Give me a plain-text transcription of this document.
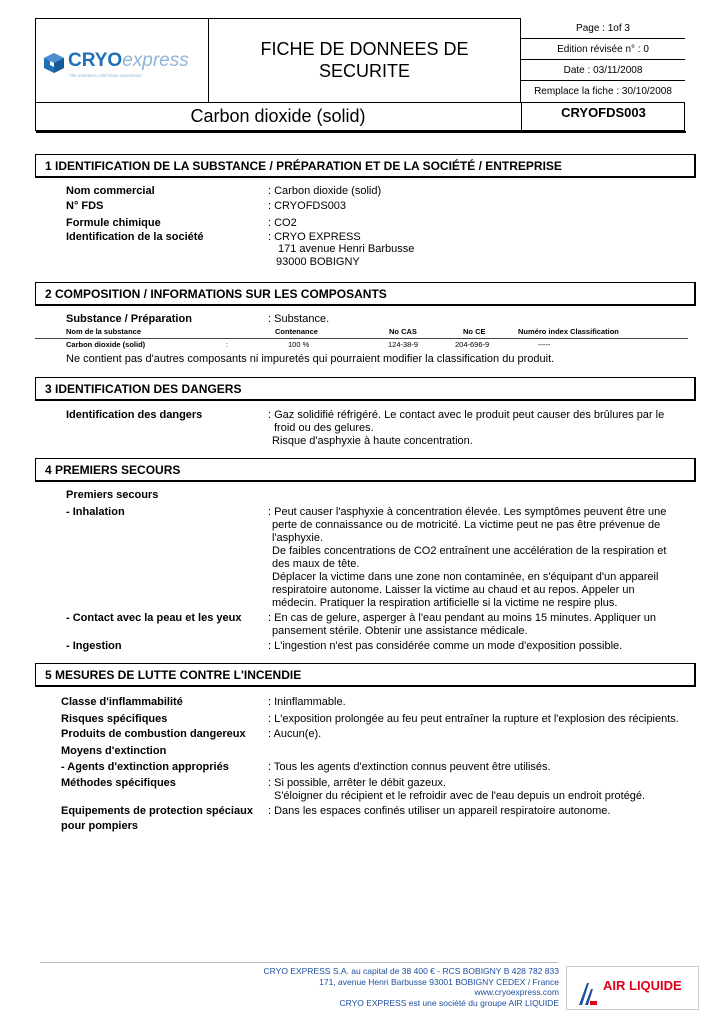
CRYOexpress
The seamless cold chain experience
FICHE DE DONNEES DE SECURITE
Page : 1of 3
Edition révisée n° : 0
Date : 03/11/2008
Remplace la fiche : 30/10/2008
Carbon dioxide (solid)	CRYOFDS003
1 IDENTIFICATION DE LA SUBSTANCE / PRÉPARATION ET DE LA SOCIÉTÉ / ENTREPRISE
Nom commercial	: Carbon dioxide (solid)
N° FDS	: CRYOFDS003
Formule chimique	: CO2
Identification de la société	: CRYO EXPRESS
171 avenue Henri Barbusse
93000 BOBIGNY
2 COMPOSITION / INFORMATIONS SUR LES COMPOSANTS
Substance / Préparation	: Substance.
Nom de la substance	Contenance	No CAS	No CE	Numéro index Classification
Carbon dioxide (solid)	:	100 %	124-38-9	204-696-9	-----
Ne contient pas d'autres composants ni impuretés qui pourraient modifier la classification du produit.
3 IDENTIFICATION DES DANGERS
Identification des dangers	: Gaz solidifié réfrigéré. Le contact avec le produit peut causer des brûlures par le
froid ou des gelures.
Risque d'asphyxie à haute concentration.
4 PREMIERS SECOURS
Premiers secours
- Inhalation	: Peut causer l'asphyxie à concentration élevée. Les symptômes peuvent être une
perte de connaissance ou de motricité. La victime peut ne pas être prévenue de
l'asphyxie.
De faibles concentrations de CO2 entraînent une accélération de la respiration et
des maux de tête.
Déplacer la victime dans une zone non contaminée, en s'équipant d'un appareil
respiratoire autonome. Laisser la victime au chaud et au repos. Appeler un
médecin. Pratiquer la respiration artificielle si la victime ne respire plus.
- Contact avec la peau et les yeux : En cas de gelure, asperger à l'eau pendant au moins 15 minutes. Appliquer un
pansement stérile. Obtenir une assistance médicale.
- Ingestion	: L'ingestion n'est pas considérée comme un mode d'exposition possible.
5 MESURES DE LUTTE CONTRE L'INCENDIE
Classe d'inflammabilité	: Ininflammable.
Risques spécifiques	: L'exposition prolongée au feu peut entraîner la rupture et l'explosion des récipients.
Produits de combustion dangereux : Aucun(e).
Moyens d'extinction
- Agents d'extinction appropriés	: Tous les agents d'extinction connus peuvent être utilisés.
Méthodes spécifiques	: Si possible, arrêter le débit gazeux.
S'éloigner du récipient et le refroidir avec de l'eau depuis un endroit protégé.
Equipements de protection spéciaux
pour pompiers
: Dans les espaces confinés utiliser un appareil respiratoire autonome.
CRYO EXPRESS S.A. au capital de 38 400 € - RCS BOBIGNY B 428 782 833
171, avenue Henri Barbusse 93001 BOBIGNY CEDEX / France
www.cryoexpress.com
CRYO EXPRESS est une société du groupe AIR LIQUIDE
AIR LIQUIDE
